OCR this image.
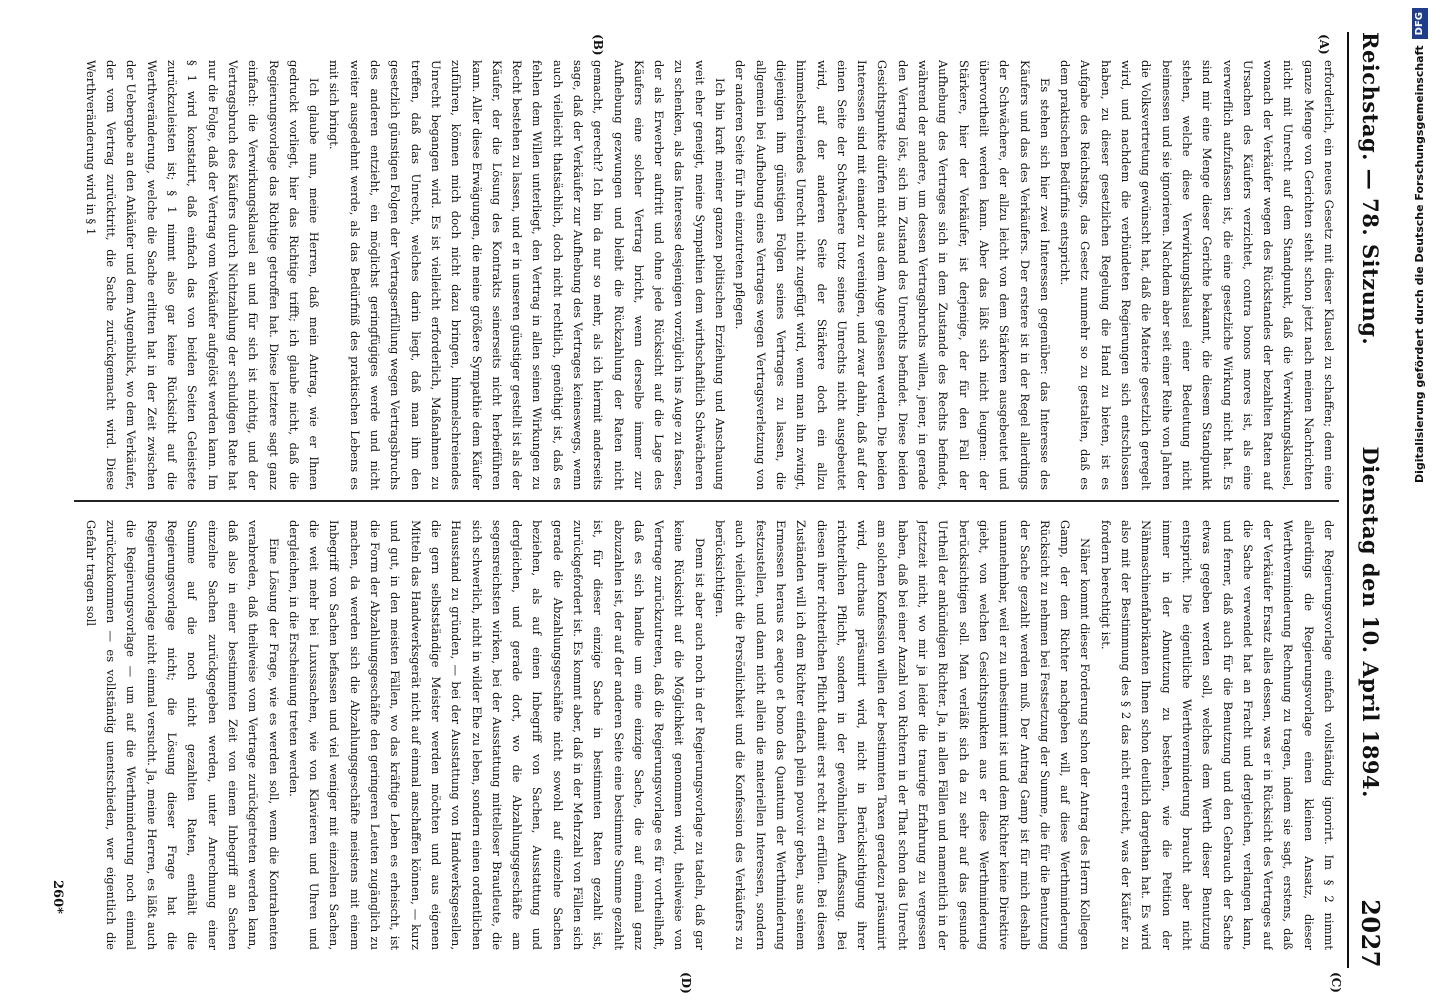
Reichstag. — 78. Sitzung.
Dienstag den 10. April 1894.
2027
(A)
(B)
(C)
(D)

erforderlich, ein neues Gesetz mit dieser Klausel zu schaffen; denn eine ganze Menge von Gerichten steht schon jetzt nach meinen Nachrichten nicht mit Unrecht auf dem Standpunkt, daß die Verwirkungsklausel, wonach der Verkäufer wegen des Rückstandes der bezahlten Raten auf Ursachen des Käufers verzichtet, contra bonos mores ist, als eine verwerflich aufzufassen ist, die eine gesetzliche Wirkung nicht hat. Es sind mir eine Menge dieser Gerichte bekannt, die diesem Standpunkt stehen, welche diese Verwirkungsklausel einer Bedeutung nicht beimessen und sie ignorieren. Nachdem aber seit einer Reihe von Jahren die Volksvertretung gewünscht hat, daß die Materie gesetzlich geregelt wird, und nachdem die verbündeten Regierungen sich entschlossen haben, zu dieser gesetzlichen Regelung die Hand zu bieten, ist es Aufgabe des Reichstags, das Gesetz nunmehr so zu gestalten, daß es dem praktischen Bedürfnis entspricht.

Es stehen sich hier zwei Interessen gegenüber: das Interesse des Käufers und das des Verkäufers. Der erstere ist in der Regel allerdings der Schwächere, der allzu leicht von dem Stärkeren ausgebeutet und übervortheilt werden kann. Aber das läßt sich nicht leugnen: der Stärkere, hier der Verkäufer, ist derjenige, der für den Fall der Aufhebung des Vertrages sich in dem Zustande des Rechts befindet, während der andere, um dessen Vertragsbruchs willen, jener, in gerade den Vertrag löst, sich im Zustand des Unrechts befindet. Diese beiden Gesichtspunkte dürfen nicht aus dem Auge gelassen werden. Die beiden Interessen sind mit einander zu vereinigen, und zwar dahin, daß auf der einen Seite der Schwächere trotz seines Unrechts nicht ausgebeutet wird, auf der anderen Seite der Stärkere doch ein allzu himmelschreiendes Unrecht nicht zugefügt wird, wenn man ihn zwingt, diejenigen ihm günstigen Folgen seines Vertrages zu lassen, die allgemein bei Aufhebung eines Vertrages wegen Vertragsverletzung von der anderen Seite für ihn einzutreten pflegen.

Ich bin kraft meiner ganzen politischen Erziehung und Anschauung weit eher geneigt, meine Sympathien dem wirthschaftlich Schwächeren zu schenken, als das Interesse desjenigen vorzüglich ins Auge zu fassen, der als Erwerber auftritt und ohne jede Rücksicht auf die Lage des Käufers eine solcher Vertrag bricht, wenn derselbe immer zur Aufhebung gezwungen und bleibt die Rückzahlung der Raten nicht gemacht, gerecht? Ich bin da nur so mehr, als ich hiermit anderseits sage, daß der Verkäufer zur Aufhebung des Vertrages keineswegs, wenn auch vielleicht thatsächlich, doch nicht rechtlich, genöthigt ist, daß es fehlen dem Willen unterliegt, den Vertrag in allen seinen Wirkungen zu Recht bestehen zu lassen, und er in unseren günstiger gestellt ist als der Käufer, der die Lösung des Kontrakts seinerseits nicht herbeiführen kann. Aller diese Erwägungen, die meine größere Sympathie dem Käufer zuführen, können mich doch nicht dazu bringen, himmelschreiendes Unrecht begangen wird. Es ist vielleicht erforderlich, Maßnahmen zu treffen, daß das Unrecht, welches darin liegt, daß man ihm den gesetzlich günstigen Folgen der Vertragserfüllung wegen Vertragsbruchs des anderen entzieht, ein möglichst geringfügiges werde und nicht weiter ausgedehnt werde, als das Bedürfniß des praktischen Lebens es mit sich bringt.

Ich glaube nun, meine Herren, daß mein Antrag, wie er Ihnen gedruckt vorliegt, hier das Richtige trifft; ich glaube nicht, daß die Regierungsvorlage das Richtige getroffen hat. Diese letztere sagt ganz einfach: die Verwirkungsklausel an und für sich ist nichtig, und der Vertragsbruch des Käufers durch Nichtzahlung der schuldigen Rate hat nur die Folge, daß der Vertrag vom Verkäufer aufgelöst werden kann. Im § 1 wird konstatirt, daß einfach das von beiden Seiten Geleistete zurückzuleisten ist; § 1 nimmt also gar keine Rücksicht auf die Werthveränderung, welche die Sache erlitten hat in der Zeit zwischen der Uebergabe an den Ankäufer und dem Augenblick, wo dem Verkäufer, der vom Vertrag zurücktritt, die Sache zurückgemacht wird. Diese Werthveränderung wird in § 1

der Regierungsvorlage einfach vollständig ignorirt. Im § 2 nimmt allerdings die Regierungsvorlage einen kleinen Ansatz, dieser Werthverminderung Rechnung zu tragen, indem sie sagt, erstens, daß der Verkäufer Ersatz alles dessen, was er in Rücksicht des Vertrages auf die Sache verwendet hat an Fracht und dergleichen, verlangen kann, und ferner, daß auch für die Benutzung und den Gebrauch der Sache etwas gegeben werden soll, welches dem Werth dieser Benutzung entspricht. Die eigentliche Werthverminderung braucht aber nicht immer in der Abnutzung zu bestehen, wie die Petition der Nähmaschinenfabrikanten Ihnen schon deutlich dargethan hat. Es wird also mit der Bestimmung des § 2 das nicht erreicht, was der Käufer zu fordern berechtigt ist.

Näher kommt dieser Forderung schon der Antrag des Herrn Kollegen Gamp, der dem Richter nachgeben will, auf diese Werthminderung Rücksicht zu nehmen bei Festsetzung der Summe, die für die Benutzung der Sache gezahlt werden muß. Der Antrag Gamp ist für mich deshalb unannehmbar, weil er zu unbestimmt ist und dem Richter keine Direktive giebt, von welchen Gesichtspunkten aus er diese Werthminderung berücksichtigen soll. Man verläßt sich da zu sehr auf das gesunde Urtheil der ankündigen Richter. Ja, in allen Fällen und namentlich in der Jetztzeit nicht, wo mir ja leider die traurige Erfahrung zu vergessen haben, daß bei einer Anzahl von Richtern in der That schon das Unrecht am solchen Konfession willen der bestimmten Taxen geradezu präsumirt wird, durchaus präsumirt wird, nicht in Berücksichtigung ihrer richterlichen Pflicht, sondern in der gewöhnlichen Auffassung. Bei diesen ihrer richterlichen Pflicht damit erst recht zu erfüllen. Bei diesen Zuständen will ich dem Richter einfach plein pouvoir geben, aus seinem Ermessen heraus ex aequo et bono das Quantum der Werthminderung festzustellen, und dann nicht allein die materiellen Interessen, sondern auch vielleicht die Persönlichkeit und die Konfession des Verkäufers zu berücksichtigen.

Denn ist aber auch noch in der Regierungsvorlage zu tadeln, daß gar keine Rücksicht auf die Möglichkeit genommen wird, theilweise von Vertrage zurückzutreten, daß die Regierungsvorlage es für vortheilhaft, daß es sich handle um eine einzige Sache, die auf einmal ganz abzuzahlen ist, der auf der anderen Seite eine bestimmte Summe gezahlt ist, für dieser einzige Sache in bestimmten Raten gezahlt ist, zurückgefordert ist. Es kommt aber, daß in der Mehrzahl von Fällen sich gerade die Abzahlungsgeschäfte nicht sowohl auf einzelne Sachen beziehen, als auf einen Inbegriff von Sachen, Ausstattung und dergleichen, und gerade dort, wo die Abzahlungsgeschäfte am segensreichsten wirken, bei der Ausstattung mittelloser Brautleute, die sich schwerlich, nicht in wilder Ehe zu leben, sondern einen ordentlichen Hausstand zu gründen, — bei der Ausstattung von Handwerksgesellen, die gern selbstständige Meister werden möchten und aus eigenen Mitteln das Handwerksgerät nicht auf einmal anschaffen können, — kurz und gut, in den meisten Fällen, wo das kräftige Leben es erheischt, ist die Form der Abzahlungsgeschäfte den geringeren Leuten zugänglich zu machen, da werden sich die Abzahlungsgeschäfte meistens mit einem Inbegriff von Sachen befassen und viel weniger mit einzelnen Sachen, die weit mehr bei Luxussachen, wie von Klavieren und Uhren und dergleichen, in die Erscheinung treten werden.

Eine Lösung der Frage, wie es werden soll, wenn die Kontrahenten verabreden, daß theilweise vom Vertrage zurückgetreten werden kann, daß also in einer bestimmten Zeit von einem Inbegriff an Sachen einzelne Sachen zurückgegeben werden, unter Anrechnung einer Summe auf die noch nicht gezahlten Raten, enthält die Regierungsvorlage nicht; die Lösung dieser Frage hat die Regierungsvorlage nicht einmal versucht. Ja, meine Herren, es läßt auch die Regierungsvorlage — um auf die Werthminderung noch einmal zurückzukommen — es vollständig unentschieden, wer eigentlich die Gefahr tragen soll

260*
Digitalisierung gefördert durch die Deutsche Forschungsgemeinschaft
DFG
